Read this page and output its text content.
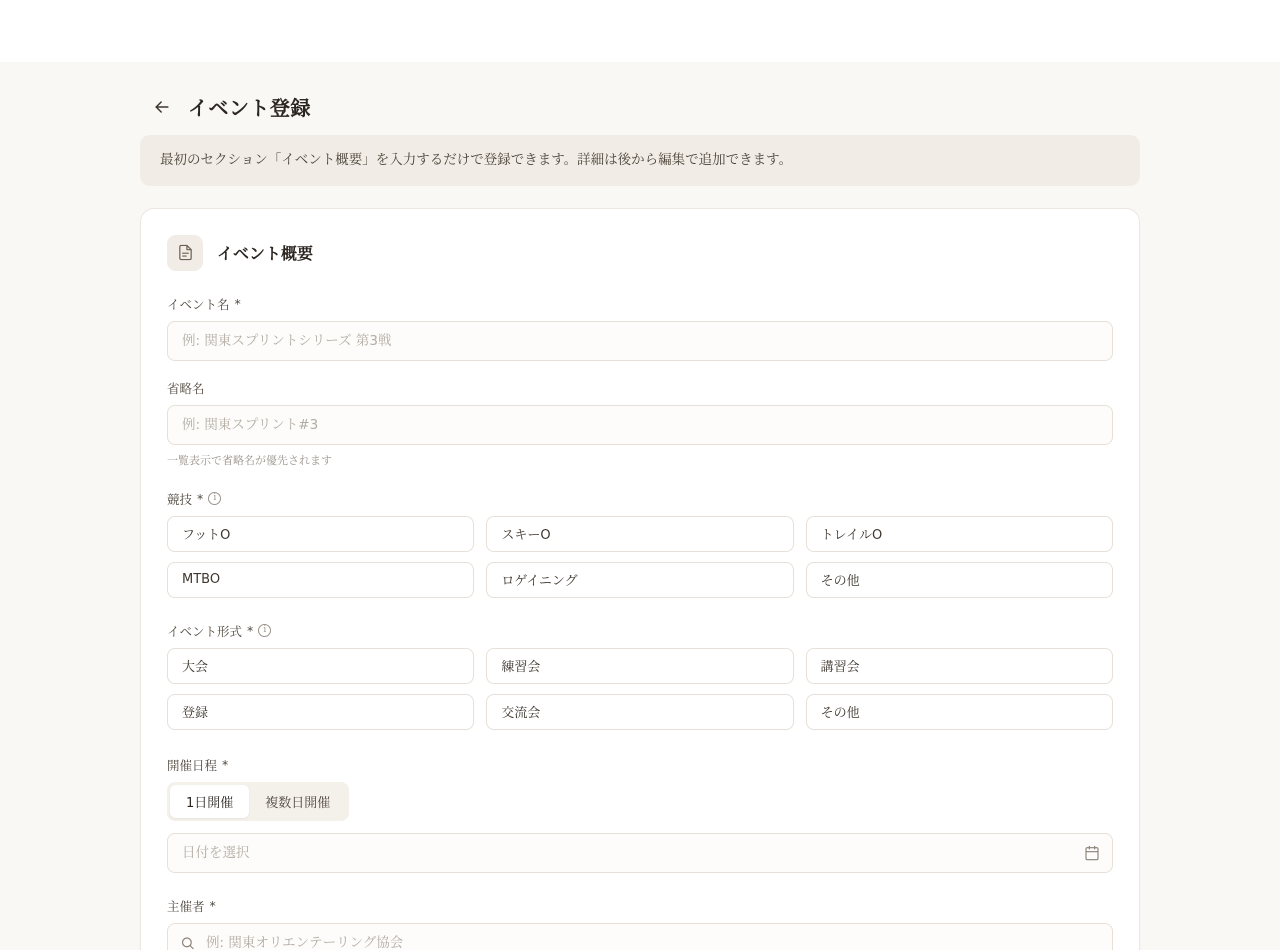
イベント登録
最初のセクション「イベント概要」を入力するだけで登録できます。詳細は後から編集で追加できます。
イベント概要
イベント名 *
例: 関東スプリントシリーズ 第3戦
省略名
例: 関東スプリント#3
一覧表示で省略名が優先されます
競技 *	i
フットO	スキーO	トレイルO
MTBO	ロゲイニング	その他
イベント形式 *	i
大会	練習会	講習会
登録	交流会	その他
開催日程 *
1日開催	複数日開催
日付を選択
主催者 *
例: 関東オリエンテーリング協会
